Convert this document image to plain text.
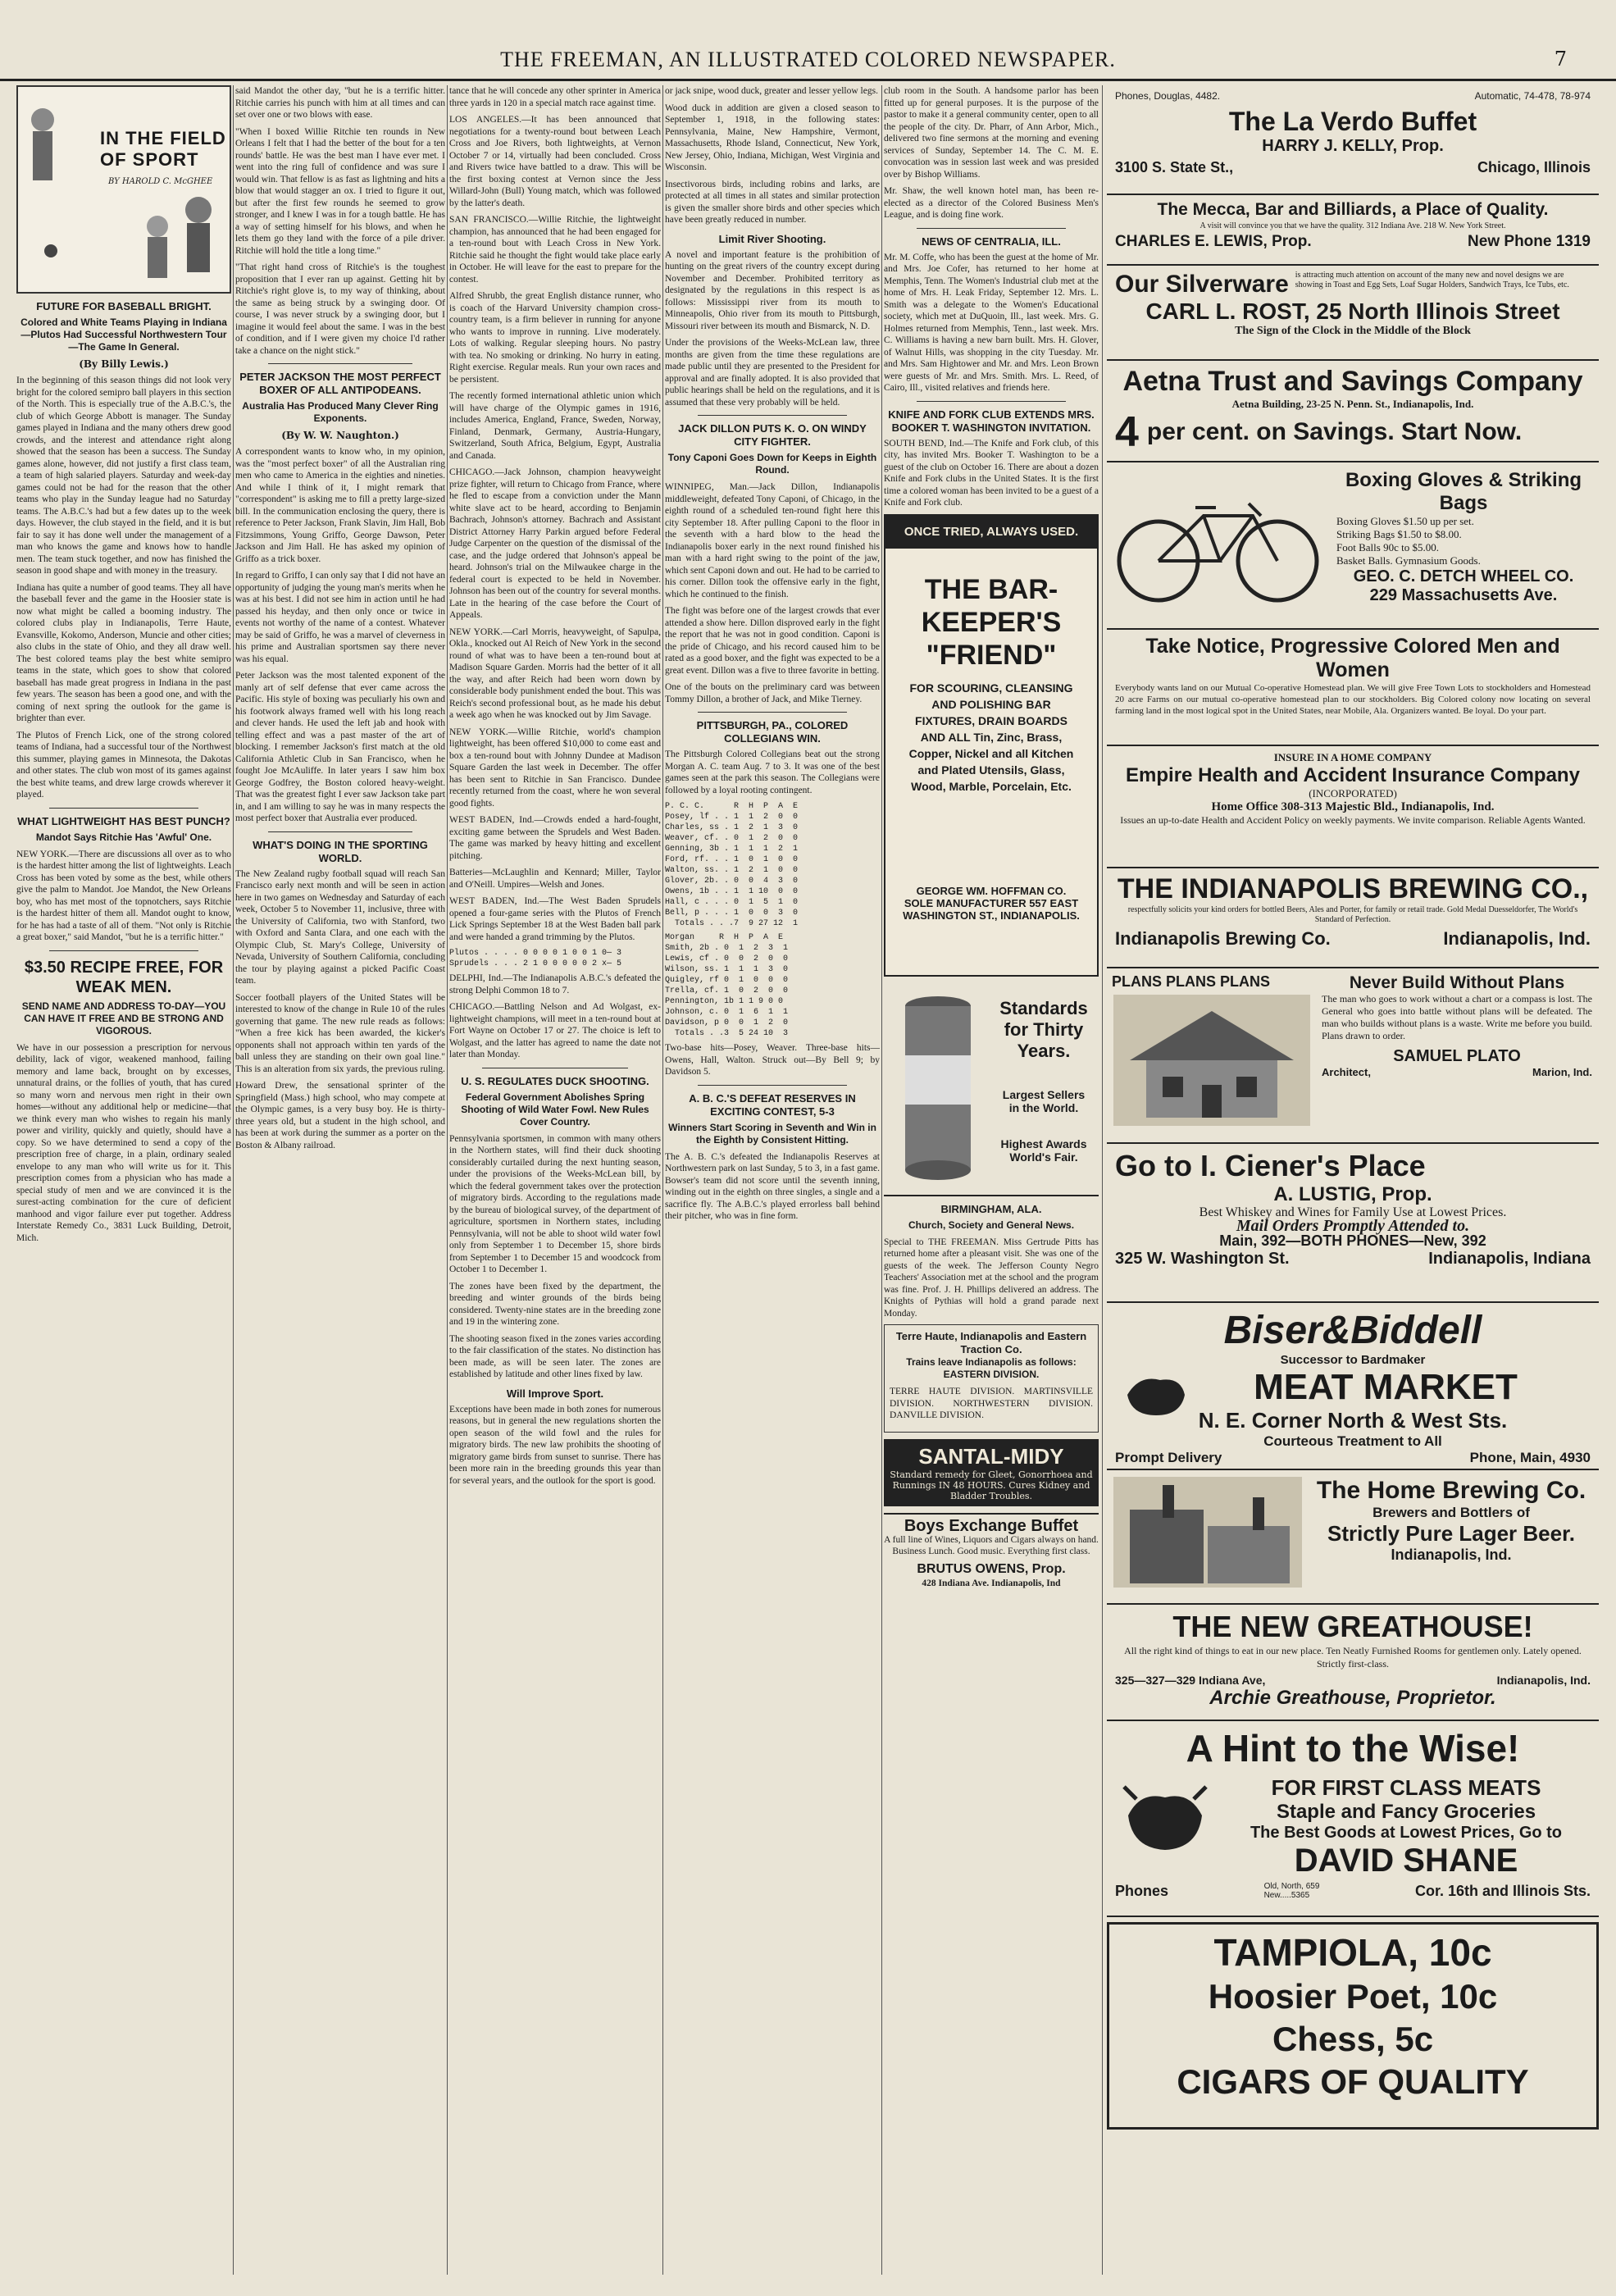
THE FREEMAN, AN ILLUSTRATED COLORED NEWSPAPER.	7
IN THE FIELD OF SPORT
BY HAROLD C. McGHEE
FUTURE FOR BASEBALL BRIGHT.
Colored and White Teams Playing in Indiana—Plutos Had Successful Northwestern Tour—The Game In General.
(By Billy Lewis.)

In the beginning of this season things did not look very bright for the colored semipro ball players in this section of the North. This is especially true of the A.B.C.'s, the club of which George Abbott is manager. The Sunday games played in Indiana and the many others drew good crowds, and the interest and attendance right along showed that the season has been a success. The Sunday games alone, however, did not justify a first class team, a team of high salaried players. Saturday and week-day games could not be had for the reason that the other teams who play in the Sunday league had no Saturday teams. The A.B.C.'s had but a few dates up to the week days. However, the club stayed in the field, and it is but fair to say it has done well under the management of a man who knows the game and knows how to handle men. The team stuck together, and now has finished the season in good shape and with money in the treasury.

Indiana has quite a number of good teams. They all have the baseball fever and the game in the Hoosier state is now what might be called a booming industry. The colored clubs play in Indianapolis, Terre Haute, Evansville, Kokomo, Anderson, Muncie and other cities; also clubs in the state of Ohio, and they all draw well. The best colored teams play the best white semipro teams in the state, which goes to show that colored baseball has made great progress in Indiana in the past few years. The season has been a good one, and with the coming of next spring the outlook for the game is brighter than ever.

The Plutos of French Lick, one of the strong colored teams of Indiana, had a successful tour of the Northwest this summer, playing games in Minnesota, the Dakotas and other states. The club won most of its games against the best white teams, and drew large crowds wherever it played.

WHAT LIGHTWEIGHT HAS BEST PUNCH?
Mandot Says Ritchie Has 'Awful' One.

NEW YORK.—There are discussions all over as to who is the hardest hitter among the list of lightweights. Leach Cross has been voted by some as the best, while others give the palm to Mandot. Joe Mandot, the New Orleans boy, who has met most of the topnotchers, says Ritchie is the hardest hitter of them all. Mandot ought to know, for he has had a taste of all of them. "Not only is Ritchie a great boxer," said Mandot, "but he is a terrific hitter."

$3.50 RECIPE FREE, FOR WEAK MEN.
SEND NAME AND ADDRESS TO-DAY—YOU CAN HAVE IT FREE AND BE STRONG AND VIGOROUS.

We have in our possession a prescription for nervous debility, lack of vigor, weakened manhood, failing memory and lame back, brought on by excesses, unnatural drains, or the follies of youth, that has cured so many worn and nervous men right in their own homes—without any additional help or medicine—that we think every man who wishes to regain his manly power and virility, quickly and quietly, should have a copy. So we have determined to send a copy of the prescription free of charge, in a plain, ordinary sealed envelope to any man who will write us for it. This prescription comes from a physician who has made a special study of men and we are convinced it is the surest-acting combination for the cure of deficient manhood and vigor failure ever put together. Address Interstate Remedy Co., 3831 Luck Building, Detroit, Mich.

said Mandot the other day, "but he is a terrific hitter. Ritchie carries his punch with him at all times and can set over one or two blows with ease.

"When I boxed Willie Ritchie ten rounds in New Orleans I felt that I had the better of the bout for a ten rounds' battle. He was the best man I have ever met. I went into the ring full of confidence and was sure I would win. That fellow is as fast as lightning and hits a blow that would stagger an ox. I tried to figure it out, but after the first few rounds he seemed to grow stronger, and I knew I was in for a tough battle. He has a way of setting himself for his blows, and when he lets them go they land with the force of a pile driver. Ritchie will hold the title a long time."

"That right hand cross of Ritchie's is the toughest proposition that I ever ran up against. Getting hit by Ritchie's right glove is, to my way of thinking, about the same as being struck by a swinging door. Of course, I was never struck by a swinging door, but I imagine it would feel about the same. I was in the best of condition, and if I were given my choice I'd rather take a chance on the night stick."

PETER JACKSON THE MOST PERFECT BOXER OF ALL ANTIPODEANS.
Australia Has Produced Many Clever Ring Exponents.
(By W. W. Naughton.)

A correspondent wants to know who, in my opinion, was the "most perfect boxer" of all the Australian ring men who came to America in the eighties and nineties. And while I think of it, I might remark that "correspondent" is asking me to fill a pretty large-sized bill. In the communication enclosing the query, there is reference to Peter Jackson, Frank Slavin, Jim Hall, Bob Fitzsimmons, Young Griffo, George Dawson, Peter Jackson and Jim Hall. He has asked my opinion of Griffo as a trick boxer.

In regard to Griffo, I can only say that I did not have an opportunity of judging the young man's merits when he was at his best. I did not see him in action until he had passed his heyday, and then only once or twice in events not worthy of the name of a contest. Whatever may be said of Griffo, he was a marvel of cleverness in his prime and Australian sportsmen say there never was his equal.

Peter Jackson was the most talented exponent of the manly art of self defense that ever came across the Pacific. His style of boxing was peculiarly his own and his footwork always framed well with his long reach and clever hands. He used the left jab and hook with telling effect and was a past master of the art of blocking. I remember Jackson's first match at the old California Athletic Club in San Francisco, when he fought Joe McAuliffe. In later years I saw him box George Godfrey, the Boston colored heavy-weight. That was the greatest fight I ever saw Jackson take part in, and I am willing to say he was in many respects the most perfect boxer that Australia ever produced.

WHAT'S DOING IN THE SPORTING WORLD.

The New Zealand rugby football squad will reach San Francisco early next month and will be seen in action here in two games on Wednesday and Saturday of each week, October 5 to November 11, inclusive, three with the University of California, two with Stanford, two with Oxford and Santa Clara, and one each with the Olympic Club, St. Mary's College, University of Nevada, University of Southern California, concluding the tour by playing against a picked Pacific Coast team.

Soccer football players of the United States will be interested to know of the change in Rule 10 of the rules governing that game. The new rule reads as follows: "When a free kick has been awarded, the kicker's opponents shall not approach within ten yards of the ball unless they are standing on their own goal line." This is an alteration from six yards, the previous ruling.

Howard Drew, the sensational sprinter of the Springfield (Mass.) high school, who may compete at the Olympic games, is a very busy boy. He is thirty-three years old, but a student in the high school, and has been at work during the summer as a porter on the Boston & Albany railroad.

tance that he will concede any other sprinter in America three yards in 120 in a special match race against time.

LOS ANGELES.—It has been announced that negotiations for a twenty-round bout between Leach Cross and Joe Rivers, both lightweights, at Vernon October 7 or 14, virtually had been concluded. Cross and Rivers twice have battled to a draw. This will be the first boxing contest at Vernon since the Jess Willard-John (Bull) Young match, which was followed by the latter's death.

SAN FRANCISCO.—Willie Ritchie, the lightweight champion, has announced that he had been engaged for a ten-round bout with Leach Cross in New York. Ritchie said he thought the fight would take place early in October. He will leave for the east to prepare for the contest.

Alfred Shrubb, the great English distance runner, who is coach of the Harvard University champion cross-country team, is a firm believer in running for anyone who wants to improve in running. Live moderately. Lots of walking. Regular sleeping hours. No pastry with tea. No smoking or drinking. No hurry in eating. Right exercise. Regular meals. Run your own races and be persistent.

The recently formed international athletic union which will have charge of the Olympic games in 1916, includes America, England, France, Sweden, Norway, Finland, Denmark, Germany, Austria-Hungary, Switzerland, South Africa, Belgium, Egypt, Australia and Canada.

CHICAGO.—Jack Johnson, champion heavyweight prize fighter, will return to Chicago from France, where he fled to escape from a conviction under the Mann white slave act to be heard, according to Benjamin Bachrach, Johnson's attorney. Bachrach and Assistant District Attorney Harry Parkin argued before Federal Judge Carpenter on the question of the dismissal of the case, and the judge ordered that Johnson's appeal be heard. Johnson's trial on the Milwaukee charge in the federal court is expected to be held in November. Johnson has been out of the country for several months. Late in the hearing of the case before the Court of Appeals.

NEW YORK.—Carl Morris, heavyweight, of Sapulpa, Okla., knocked out Al Reich of New York in the second round of what was to have been a ten-round bout at Madison Square Garden. Morris had the better of it all the way, and after Reich had been worn down by considerable body punishment ended the bout. This was Reich's second professional bout, as he made his debut a week ago when he was knocked out by Jim Savage.

NEW YORK.—Willie Ritchie, world's champion lightweight, has been offered $10,000 to come east and box a ten-round bout with Johnny Dundee at Madison Square Garden the last week in December. The offer has been sent to Ritchie in San Francisco. Dundee recently returned from the coast, where he won several good fights.

WEST BADEN, Ind.—Crowds ended a hard-fought, exciting game between the Sprudels and West Baden. The game was marked by heavy hitting and excellent pitching.

Batteries—McLaughlin and Kennard; Miller, Taylor and O'Neill. Umpires—Welsh and Jones.

WEST BADEN, Ind.—The West Baden Sprudels opened a four-game series with the Plutos of French Lick Springs September 18 at the West Baden ball park and were handed a grand trimming by the Plutos.

Plutos . . . . 0 0 0 0 1 0 0 1 0— 3
Sprudels . . . 2 1 0 0 0 0 0 2 x— 5

DELPHI, Ind.—The Indianapolis A.B.C.'s defeated the strong Delphi Common 18 to 7.

CHICAGO.—Battling Nelson and Ad Wolgast, ex-lightweight champions, will meet in a ten-round bout at Fort Wayne on October 17 or 27. The choice is left to Wolgast, and the latter has agreed to name the date not later than Monday.

U. S. REGULATES DUCK SHOOTING.
Federal Government Abolishes Spring Shooting of Wild Water Fowl. New Rules Cover Country.

Pennsylvania sportsmen, in common with many others in the Northern states, will find their duck shooting considerably curtailed during the next hunting season, under the provisions of the Weeks-McLean bill, by which the federal government takes over the protection of migratory birds. According to the regulations made by the bureau of biological survey, of the department of agriculture, sportsmen in Northern states, including Pennsylvania, will not be able to shoot wild water fowl only from September 1 to December 15, shore birds from September 1 to December 15 and woodcock from October 1 to December 1.

The zones have been fixed by the department, the breeding and winter grounds of the birds being considered. Twenty-nine states are in the breeding zone and 19 in the wintering zone.

The shooting season fixed in the zones varies according to the fair classification of the states. No distinction has been made, as will be seen later. The zones are established by latitude and other lines fixed by law.

Will Improve Sport.

Exceptions have been made in both zones for numerous reasons, but in general the new regulations shorten the open season of the wild fowl and the rules for migratory birds. The new law prohibits the shooting of migratory game birds from sunset to sunrise. There has been more rain in the breeding grounds this year than for several years, and the outlook for the sport is good.

or jack snipe, wood duck, greater and lesser yellow legs.

Wood duck in addition are given a closed season to September 1, 1918, in the following states: Pennsylvania, Maine, New Hampshire, Vermont, Massachusetts, Rhode Island, Connecticut, New York, New Jersey, Ohio, Indiana, Michigan, West Virginia and Wisconsin.

Insectivorous birds, including robins and larks, are protected at all times in all states and similar protection is given the smaller shore birds and other species which have been greatly reduced in number.

Limit River Shooting.

A novel and important feature is the prohibition of hunting on the great rivers of the country except during November and December. Prohibited territory as designated by the regulations in this respect is as follows: Mississippi river from its mouth to Minneapolis, Ohio river from its mouth to Pittsburgh, Missouri river between its mouth and Bismarck, N. D.

Under the provisions of the Weeks-McLean law, three months are given from the time these regulations are made public until they are presented to the President for approval and are finally adopted. It is also provided that public hearings shall be held on the regulations, and it is assumed that these very probably will be held.

JACK DILLON PUTS K. O. ON WINDY CITY FIGHTER.
Tony Caponi Goes Down for Keeps in Eighth Round.

WINNIPEG, Man.—Jack Dillon, Indianapolis middleweight, defeated Tony Caponi, of Chicago, in the eighth round of a scheduled ten-round fight here this city September 18. After pulling Caponi to the floor in the seventh with a hard blow to the head the Indianapolis boxer early in the next round finished his man with a hard right swing to the point of the jaw, which sent Caponi down and out. He had to be carried to his corner. Dillon took the offensive early in the fight, which he continued to the finish.

The fight was before one of the largest crowds that ever attended a show here. Dillon disproved early in the fight the report that he was not in good condition. Caponi is the pride of Chicago, and his record caused him to be rated as a good boxer, and the fight was expected to be a great event. Dillon was a five to three favorite in betting.

One of the bouts on the preliminary card was between Tommy Dillon, a brother of Jack, and Mike Tierney.

PITTSBURGH, PA., COLORED COLLEGIANS WIN.

The Pittsburgh Colored Collegians beat out the strong Morgan A. C. team Aug. 7 to 3. It was one of the best games seen at the park this season. The Collegians were followed by a loyal rooting contingent.

P. C. C.      R  H  P  A  E
Posey, lf . . 1  1  2  0  0
Charles, ss . 1  2  1  3  0
Weaver, cf. . 0  1  2  0  0
Genning, 3b . 1  1  1  2  1
Ford, rf. . . 1  0  1  0  0
Walton, ss. . 1  2  1  0  0
Glover, 2b. . 0  0  4  3  0
Owens, 1b . . 1  1 10  0  0
Hall, c . . . 0  1  5  1  0
Bell, p . . . 1  0  0  3  0
Totals . . .7  9 27 12  1
Morgan     R  H  P  A  E
Smith, 2b . 0  1  2  3  1
Lewis, cf . 0  0  2  0  0
Wilson, ss. 1  1  1  3  0
Quigley, rf 0  1  0  0  0
Trella, cf. 1  0  2  0  0
Pennington, 1b 1 1 9 0 0
Johnson, c. 0  1  6  1  1
Davidson, p 0  0  1  2  0
Totals . .3  5 24 10  3

Two-base hits—Posey, Weaver. Three-base hits—Owens, Hall, Walton. Struck out—By Bell 9; by Davidson 5.

A. B. C.'S DEFEAT RESERVES IN EXCITING CONTEST, 5-3
Winners Start Scoring in Seventh and Win in the Eighth by Consistent Hitting.

The A. B. C.'s defeated the Indianapolis Reserves at Northwestern park on last Sunday, 5 to 3, in a fast game. Bowser's team did not score until the seventh inning, winding out in the eighth on three singles, a single and a sacrifice fly. The A.B.C.'s played errorless ball behind their pitcher, who was in fine form.

club room in the South. A handsome parlor has been fitted up for general purposes. It is the purpose of the pastor to make it a general community center, open to all the people of the city. Dr. Pharr, of Ann Arbor, Mich., delivered two fine sermons at the morning and evening services of Sunday, September 14. The C. M. E. convocation was in session last week and was presided over by Bishop Williams.

Mr. Shaw, the well known hotel man, has been re-elected as a director of the Colored Business Men's League, and is doing fine work.

NEWS OF CENTRALIA, ILL.

Mr. M. Coffe, who has been the guest at the home of Mr. and Mrs. Joe Cofer, has returned to her home at Memphis, Tenn. The Women's Industrial club met at the home of Mrs. H. Leak Friday, September 12. Mrs. L. Smith was a delegate to the Women's Educational society, which met at DuQuoin, Ill., last week. Mrs. G. Holmes returned from Memphis, Tenn., last week. Mrs. C. Williams is having a new barn built. Mrs. H. Glover, of Walnut Hills, was shopping in the city Tuesday. Mr. and Mrs. Sam Hightower and Mr. and Mrs. Leon Brown were guests of Mr. and Mrs. Smith. Mrs. L. Reed, of Cairo, Ill., visited relatives and friends here.

KNIFE AND FORK CLUB EXTENDS MRS. BOOKER T. WASHINGTON INVITATION.

SOUTH BEND, Ind.—The Knife and Fork club, of this city, has invited Mrs. Booker T. Washington to be a guest of the club on October 16. There are about a dozen Knife and Fork clubs in the United States. It is the first time a colored woman has been invited to be a guest of a Knife and Fork club.

ONCE TRIED, ALWAYS USED.
THE BAR-KEEPER'S "FRIEND"
FOR SCOURING, CLEANSING AND POLISHING BAR FIXTURES, DRAIN BOARDS AND ALL Tin, Zinc, Brass, Copper, Nickel and all Kitchen and Plated Utensils, Glass, Wood, Marble, Porcelain, Etc.
GEORGE WM. HOFFMAN CO. SOLE MANUFACTURER 557 EAST WASHINGTON ST., INDIANAPOLIS.
Standards for Thirty Years.
Largest Sellers in the World.
Highest Awards World's Fair.
BIRMINGHAM, ALA.
Church, Society and General News.

Special to THE FREEMAN. Miss Gertrude Pitts has returned home after a pleasant visit. She was one of the guests of the week. The Jefferson County Negro Teachers' Association met at the school and the program was fine. Prof. J. H. Phillips delivered an address. The Knights of Pythias will hold a grand parade next Monday.

Terre Haute, Indianapolis and Eastern Traction Co.
Trains leave Indianapolis as follows: EASTERN DIVISION.
TERRE HAUTE DIVISION. MARTINSVILLE DIVISION. NORTHWESTERN DIVISION. DANVILLE DIVISION.
SANTAL-MIDY
Standard remedy for Gleet, Gonorrhoea and Runnings IN 48 HOURS. Cures Kidney and Bladder Troubles.
Boys Exchange Buffet
A full line of Wines, Liquors and Cigars always on hand. Business Lunch. Good music. Everything first class.
BRUTUS OWENS, Prop.
428 Indiana Ave. Indianapolis, Ind
Phones, Douglas, 4482.	Automatic, 74-478, 78-974
The La Verdo Buffet
HARRY J. KELLY, Prop.
3100 S. State St.,	Chicago, Illinois
The Mecca, Bar and Billiards, a Place of Quality.
A visit will convince you that we have the quality. 312 Indiana Ave. 218 W. New York Street.
CHARLES E. LEWIS, Prop.	New Phone 1319
Our Silverware is attracting much attention on account of the many new and novel designs we are showing in Toast and Egg Sets, Loaf Sugar Holders, Sandwich Trays, Ice Tubs, etc.
CARL L. ROST, 25 North Illinois Street
The Sign of the Clock in the Middle of the Block
Aetna Trust and Savings Company
Aetna Building, 23-25 N. Penn. St., Indianapolis, Ind.
4 per cent. on Savings. Start Now.
Boxing Gloves & Striking Bags
Boxing Gloves $1.50 up per set.
Striking Bags $1.50 to $8.00.
Foot Balls 90c to $5.00.
Basket Balls. Gymnasium Goods.
GEO. C. DETCH WHEEL CO.
229 Massachusetts Ave.
Take Notice, Progressive Colored Men and Women
Everybody wants land on our Mutual Co-operative Homestead plan. We will give Free Town Lots to stockholders and Homestead 20 acre Farms on our mutual co-operative homestead plan to our stockholders. Big Colored colony now locating on several farming land in the most logical spot in the United States, near Mobile, Ala. Organizers wanted. Be loyal. Do your part.
INSURE IN A HOME COMPANY
Empire Health and Accident Insurance Company
(INCORPORATED)
Home Office 308-313 Majestic Bld., Indianapolis, Ind.
Issues an up-to-date Health and Accident Policy on weekly payments. We invite comparison. Reliable Agents Wanted.
THE INDIANAPOLIS BREWING CO.,
respectfully solicits your kind orders for bottled Beers, Ales and Porter, for family or retail trade. Gold Medal Duesseldorfer, The World's Standard of Perfection.
Indianapolis Brewing Co.	Indianapolis, Ind.
PLANS PLANS PLANS	Never Build Without Plans
The man who goes to work without a chart or a compass is lost. The General who goes into battle without plans will be defeated. The man who builds without plans is a waste. Write me before you build. Plans drawn to order.
SAMUEL PLATO
Architect,	Marion, Ind.
Go to I. Ciener's Place
A. LUSTIG, Prop.
Best Whiskey and Wines for Family Use at Lowest Prices.
Mail Orders Promptly Attended to.
Main, 392—BOTH PHONES—New, 392
325 W. Washington St.	Indianapolis, Indiana
Biser&Biddell
Successor to Bardmaker
MEAT MARKET
N. E. Corner North & West Sts.
Courteous Treatment to All
Prompt Delivery	Phone, Main, 4930
The Home Brewing Co.
Brewers and Bottlers of
Strictly Pure Lager Beer.
Indianapolis, Ind.
THE NEW GREATHOUSE!
All the right kind of things to eat in our new place. Ten Neatly Furnished Rooms for gentlemen only. Lately opened. Strictly first-class.
325—327—329 Indiana Ave,	Indianapolis, Ind.
Archie Greathouse, Proprietor.
A Hint to the Wise!
FOR FIRST CLASS MEATS
Staple and Fancy Groceries
The Best Goods at Lowest Prices, Go to
DAVID SHANE
Phones	Old, North, 659
New.....5365	Cor. 16th and Illinois Sts.
TAMPIOLA, 10c
Hoosier Poet, 10c
Chess, 5c
CIGARS OF QUALITY
